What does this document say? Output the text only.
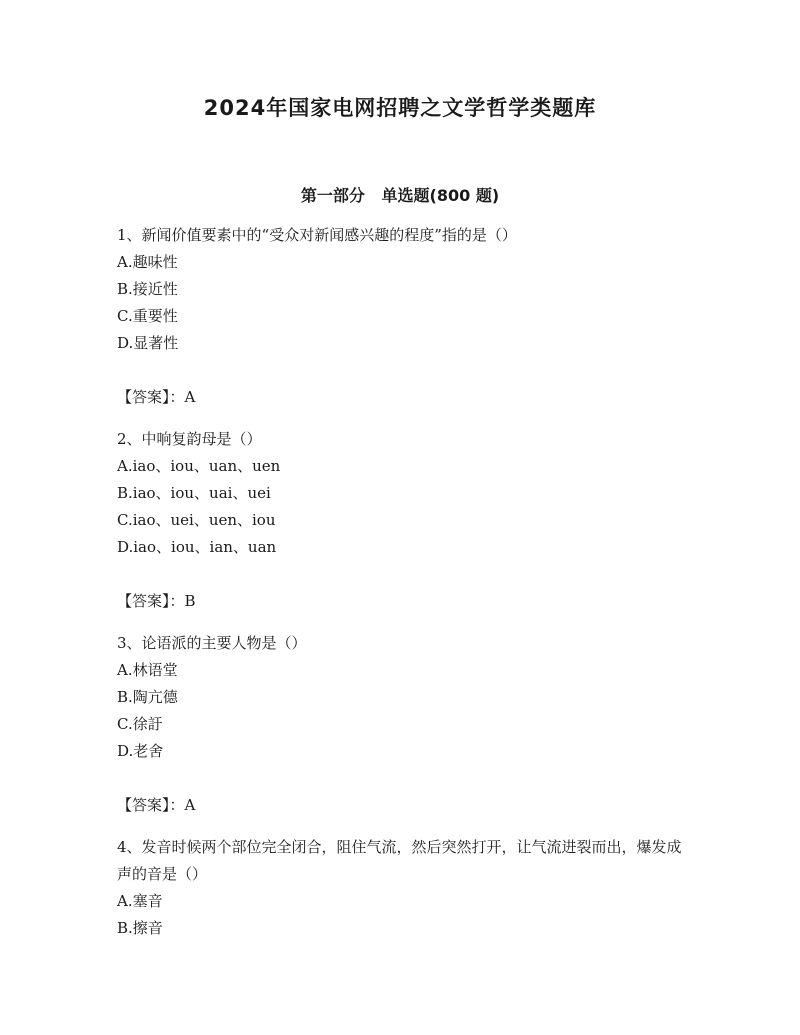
2024年国家电网招聘之文学哲学类题库
第一部分   单选题(800 题)
1、新闻价值要素中的“受众对新闻感兴趣的程度”指的是（）
A.趣味性
B.接近性
C.重要性
D.显著性
【答案】：A
2、中响复韵母是（）
A.iao、iou、uan、uen
B.iao、iou、uai、uei
C.iao、uei、uen、iou
D.iao、iou、ian、uan
【答案】：B
3、论语派的主要人物是（）
A.林语堂
B.陶亢德
C.徐訏
D.老舍
【答案】：A
4、发音时候两个部位完全闭合，阻住气流，然后突然打开，让气流进裂而出，爆发成声的音是（）
A.塞音
B.擦音
